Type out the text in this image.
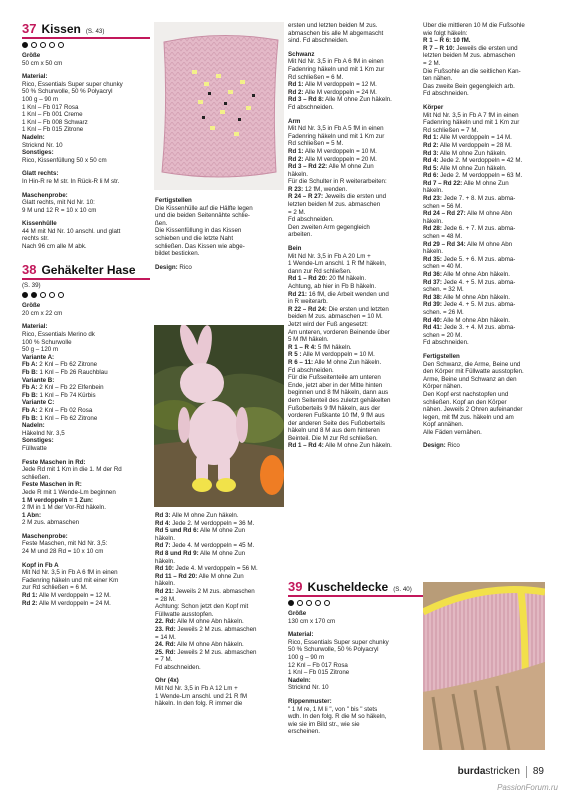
37 Kissen (S. 43)
Größe
50 cm x 50 cm
Material:
Rico, Essentials Super super chunky
50 % Schurwolle, 50 % Polyacryl
100 g – 90 m
1 Knl – Fb 017 Rosa
1 Knl – Fb 001 Creme
1 Knl – Fb 008 Schwarz
1 Knl – Fb 015 Zitrone
Nadeln:
Stricknd Nr. 10
Sonstiges:
Rico, Kissenfüllung 50 x 50 cm
Glatt rechts:
In Hin-R re M str. In Rück-R li M str.
Maschenprobe:
Glatt rechts, mit Nd Nr. 10:
9 M und 12 R = 10 x 10 cm
Kissenhülle
44 M mit Nd Nr. 10 anschl. und glatt
rechts str.
Nach 96 cm alle M abk.
38 Gehäkelter Hase
(S. 39)
Größe
20 cm x 22 cm
Material:
Rico, Essentials Merino dk
100 % Schurwolle
50 g – 120 m
Variante A:
Fb A: 2 Knl – Fb 62 Zitrone
Fb B: 1 Knl – Fb 26 Rauchblau
Variante B:
Fb A: 2 Knl – Fb 22 Elfenbein
Fb B: 1 Knl – Fb 74 Kürbis
Variante C:
Fb A: 2 Knl – Fb 02 Rosa
Fb B: 1 Knl – Fb 62 Zitrone
Nadeln:
Häkelnd Nr. 3,5
Sonstiges:
Füllwatte
Feste Maschen in Rd:
Jede Rd mit 1 Km in die 1. M der Rd
schließen.
Feste Maschen in R:
Jede R mit 1 Wende-Lm beginnen
1 M verdoppeln = 1 Zun:
2 fM in 1 M der Vor-Rd häkeln.
1 Abn:
2 M zus. abmaschen
Maschenprobe:
Feste Maschen, mit Nd Nr. 3,5:
24 M und 28 Rd = 10 x 10 cm
Kopf in Fb A
Mit Nd Nr. 3,5 in Fb A 6 fM in einen
Fadenring häkeln und mit einer Km
zur Rd schließen = 6 M.
Rd 1: Alle M verdoppeln = 12 M.
Rd 2: Alle M verdoppeln = 24 M.
Fertigstellen
Die Kissenhülle auf die Hälfte legen
und die beiden Seitennähte schlie-
ßen.
Die Kissenfüllung in das Kissen
schieben und die letzte Naht
schließen. Das Kissen wie abge-
bildet besticken.
Design: Rico
Rd 3: Alle M ohne Zun häkeln.
Rd 4: Jede 2. M verdoppeln = 36 M.
Rd 5 und Rd 6: Alle M ohne Zun
häkeln.
Rd 7: Jede 4. M verdoppeln = 45 M.
Rd 8 und Rd 9: Alle M ohne Zun
häkeln.
Rd 10: Jede 4. M verdoppeln = 56 M.
Rd 11 – Rd 20: Alle M ohne Zun
häkeln.
Rd 21: Jeweils 2 M zus. abmaschen
= 28 M.
Achtung: Schon jetzt den Kopf mit
Füllwatte ausstopfen.
22. Rd: Alle M ohne Abn häkeln.
23. Rd: Jeweils 2 M zus. abmaschen
= 14 M.
24. Rd: Alle M ohne Abn häkeln.
25. Rd: Jeweils 2 M zus. abmaschen
= 7 M.
Fd abschneiden.
Ohr (4x)
Mit Nd Nr. 3,5 in Fb A 12 Lm +
1 Wende-Lm anschl. und 21 R fM
häkeln. In den folg. R immer die
ersten und letzten beiden M zus.
abmaschen bis alle M abgemascht
sind. Fd abschneiden.
Schwanz
Mit Nd Nr. 3,5 in Fb A 6 fM in einen
Fadenring häkeln und mit 1 Km zur
Rd schließen = 6 M.
Rd 1: Alle M verdoppeln = 12 M.
Rd 2: Alle M verdoppeln = 24 M.
Rd 3 – Rd 8: Alle M ohne Zun häkeln.
Fd abschneiden.
Arm
Mit Nd Nr. 3,5 in Fb A 5 fM in einen
Fadenring häkeln und mit 1 Km zur
Rd schließen = 5 M.
Rd 1: Alle M verdoppeln = 10 M.
Rd 2: Alle M verdoppeln = 20 M.
Rd 3 – Rd 22: Alle M ohne Zun
häkeln.
Für die Schulter in R weiterarbeiten:
R 23: 12 fM, wenden.
R 24 – R 27: Jeweils die ersten und
letzten beiden M zus. abmaschen
= 2 M.
Fd abschneiden.
Den zweiten Arm gegengleich
arbeiten.
Bein
Mit Nd Nr. 3,5 in Fb A 20 Lm +
1 Wende-Lm anschl. 1 R fM häkeln,
dann zur Rd schließen.
Rd 1 – Rd 20: 20 fM häkeln.
Achtung, ab hier in Fb B häkeln.
Rd 21: 16 fM, die Arbeit wenden und
in R weiterarb.
R 22 – Rd 24: Die ersten und letzten
beiden M zus. abmaschen = 10 M.
Jetzt wird der Fuß angesetzt:
Am unteren, vorderen Beinende über
5 M fM häkeln.
R 1 – R 4: 5 fM häkeln.
R 5 : Alle M verdoppeln = 10 M.
R 6 – 11: Alle M ohne Zun häkeln.
Fd abschneiden.
Für die Fußseitenteile am unteren
Ende, jetzt aber in der Mitte hinten
beginnen und 8 fM häkeln, dann aus
dem Seitenteil des zuletzt gehäkelten
Fußoberteils 9 fM häkeln, aus der
vorderen Fußkante 10 fM, 9 fM aus
der anderen Seite des Fußoberteils
häkeln und 8 M aus dem hinteren
Beinteil. Die M zur Rd schließen.
Rd 1 – Rd 4: Alle M ohne Zun häkeln.
Über die mittleren 10 M die Fußsohle
wie folgt häkeln:
R 1 – R 6: 10 fM.
R 7 – R 10: Jeweils die ersten und
letzten beiden M zus. abmaschen
= 2 M.
Die Fußsohle an die seitlichen Kan-
ten nähen.
Das zweite Bein gegengleich arb.
Fd abschneiden.
Körper
Mit Nd Nr. 3,5 in Fb A 7 fM in einen
Fadenring häkeln und mit 1 Km zur
Rd schließen = 7 M.
Rd 1: Alle M verdoppeln = 14 M.
Rd 2: Alle M verdoppeln = 28 M.
Rd 3: Alle M ohne Zun häkeln.
Rd 4: Jede 2. M verdoppeln = 42 M.
Rd 5: Alle M ohne Zun häkeln.
Rd 6: Jede 2. M verdoppeln = 63 M.
Rd 7 – Rd 22: Alle M ohne Zun
häkeln.
Rd 23: Jede 7. + 8. M zus. abma-
schen = 56 M.
Rd 24 – Rd 27: Alle M ohne Abn
häkeln.
Rd 28: Jede 6. + 7. M zus. abma-
schen = 48 M.
Rd 29 – Rd 34: Alle M ohne Abn
häkeln.
Rd 35: Jede 5. + 6. M zus. abma-
schen = 40 M.
Rd 36: Alle M ohne Abn häkeln.
Rd 37: Jede 4. + 5. M zus. abma-
schen. = 32 M.
Rd 38: Alle M ohne Abn häkeln.
Rd 39: Jede 4. + 5. M zus. abma-
schen. = 26 M.
Rd 40: Alle M ohne Abn häkeln.
Rd 41: Jede 3. + 4. M zus. abma-
schen = 20 M.
Fd abschneiden.
Fertigstellen
Den Schwanz, die Arme, Beine und
den Körper mit Füllwatte ausstopfen.
Arme, Beine und Schwanz an den
Körper nähen.
Den Kopf erst nachstopfen und
schließen. Kopf an den Körper
nähen. Jeweils 2 Ohren aufeinander
legen, mit fM zus. häkeln und am
Kopf annähen.
Alle Fäden vernähen.
Design: Rico
39 Kuscheldecke (S. 40)
Größe
130 cm x 170 cm
Material:
Rico, Essentials Super super chunky
50 % Schurwolle, 50 % Polyacryl
100 g – 90 m
12 Knl – Fb 017 Rosa
1 Knl – Fb 015 Zitrone
Nadeln:
Stricknd Nr. 10
Rippenmuster:
" 1 M re, 1 M li ", von " bis " stets
wdh. In den folg. R die M so häkeln,
wie sie im Bild str., wie sie
erscheinen.
burdastricken 89
PassionForum.ru
